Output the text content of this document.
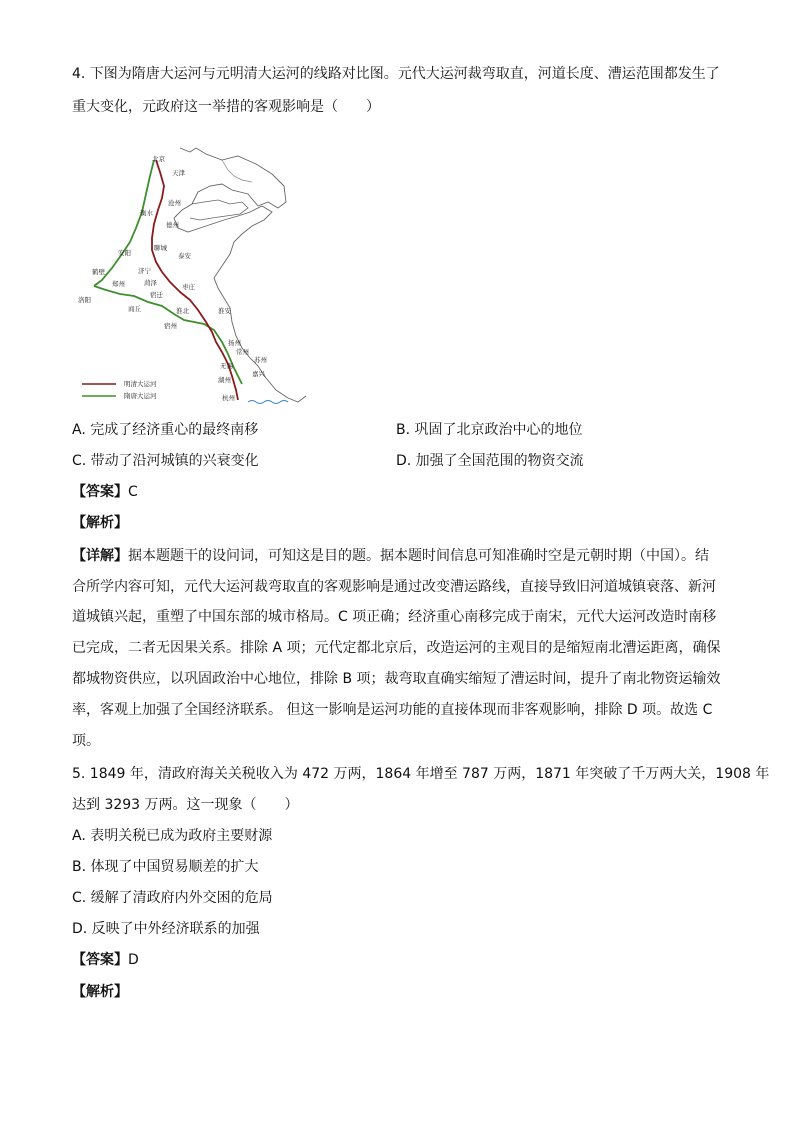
4. 下图为隋唐大运河与元明清大运河的线路对比图。元代大运河裁弯取直，河道长度、漕运范围都发生了
重大变化，元政府这一举措的客观影响是（　　）
北京
天津
沧州
衡水
德州
聊城
泰安
安阳
济宁
鹤壁
郑州	菏泽
洛阳
枣庄
宿迁
商丘	淮北
宿州
淮安
扬州
常州
苏州
无锡
湖州
嘉兴
杭州
明清大运河
隋唐大运河
A. 完成了经济重心的最终南移	B. 巩固了北京政治中心的地位
C. 带动了沿河城镇的兴衰变化	D. 加强了全国范围的物资交流
【答案】C
【解析】
【详解】据本题题干的设问词，可知这是目的题。据本题时间信息可知准确时空是元朝时期（中国）。结
合所学内容可知，元代大运河裁弯取直的客观影响是通过改变漕运路线，直接导致旧河道城镇衰落、新河
道城镇兴起，重塑了中国东部的城市格局。C 项正确；经济重心南移完成于南宋，元代大运河改造时南移
已完成，二者无因果关系。排除 A 项；元代定都北京后，改造运河的主观目的是缩短南北漕运距离，确保
都城物资供应，以巩固政治中心地位，排除 B 项；裁弯取直确实缩短了漕运时间，提升了南北物资运输效
率，客观上加强了全国经济联系。 但这一影响是运河功能的直接体现而非客观影响，排除 D 项。故选 C
项。
5. 1849 年，清政府海关关税收入为 472 万两，1864 年增至 787 万两，1871 年突破了千万两大关，1908 年
达到 3293 万两。这一现象（　　）
A. 表明关税已成为政府主要财源
B. 体现了中国贸易顺差的扩大
C. 缓解了清政府内外交困的危局
D. 反映了中外经济联系的加强
【答案】D
【解析】
